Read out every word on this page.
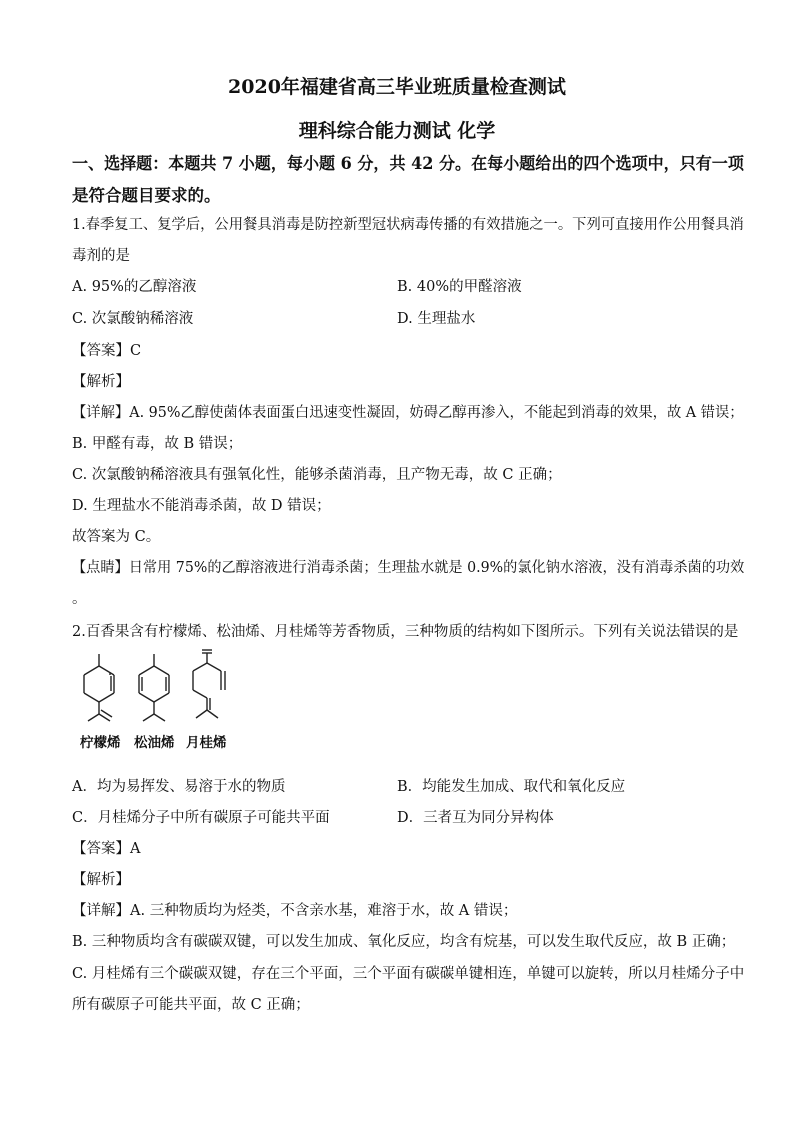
2020年福建省高三毕业班质量检查测试
理科综合能力测试 化学
一、选择题：本题共 7 小题，每小题 6 分，共 42 分。在每小题给出的四个选项中，只有一项
是符合题目要求的。
1.春季复工、复学后，公用餐具消毒是防控新型冠状病毒传播的有效措施之一。下列可直接用作公用餐具消
毒剂的是
A. 95%的乙醇溶液	B. 40%的甲醛溶液
C. 次氯酸钠稀溶液	D. 生理盐水
【答案】C
【解析】
【详解】A. 95%乙醇使菌体表面蛋白迅速变性凝固，妨碍乙醇再渗入，不能起到消毒的效果，故 A 错误；
B. 甲醛有毒，故 B 错误；
C. 次氯酸钠稀溶液具有强氧化性，能够杀菌消毒，且产物无毒，故 C 正确；
D. 生理盐水不能消毒杀菌，故 D 错误；
故答案为 C。
【点睛】日常用 75%的乙醇溶液进行消毒杀菌；生理盐水就是 0.9%的氯化钠水溶液，没有消毒杀菌的功效
。
2.百香果含有柠檬烯、松油烯、月桂烯等芳香物质，三种物质的结构如下图所示。下列有关说法错误的是
柠檬烯 松油烯 月桂烯
A．均为易挥发、易溶于水的物质	B．均能发生加成、取代和氧化反应
C．月桂烯分子中所有碳原子可能共平面	D．三者互为同分异构体
【答案】A
【解析】
【详解】A. 三种物质均为烃类，不含亲水基，难溶于水，故 A 错误；
B. 三种物质均含有碳碳双键，可以发生加成、氧化反应，均含有烷基，可以发生取代反应，故 B 正确；
C. 月桂烯有三个碳碳双键，存在三个平面，三个平面有碳碳单键相连，单键可以旋转，所以月桂烯分子中
所有碳原子可能共平面，故 C 正确；
